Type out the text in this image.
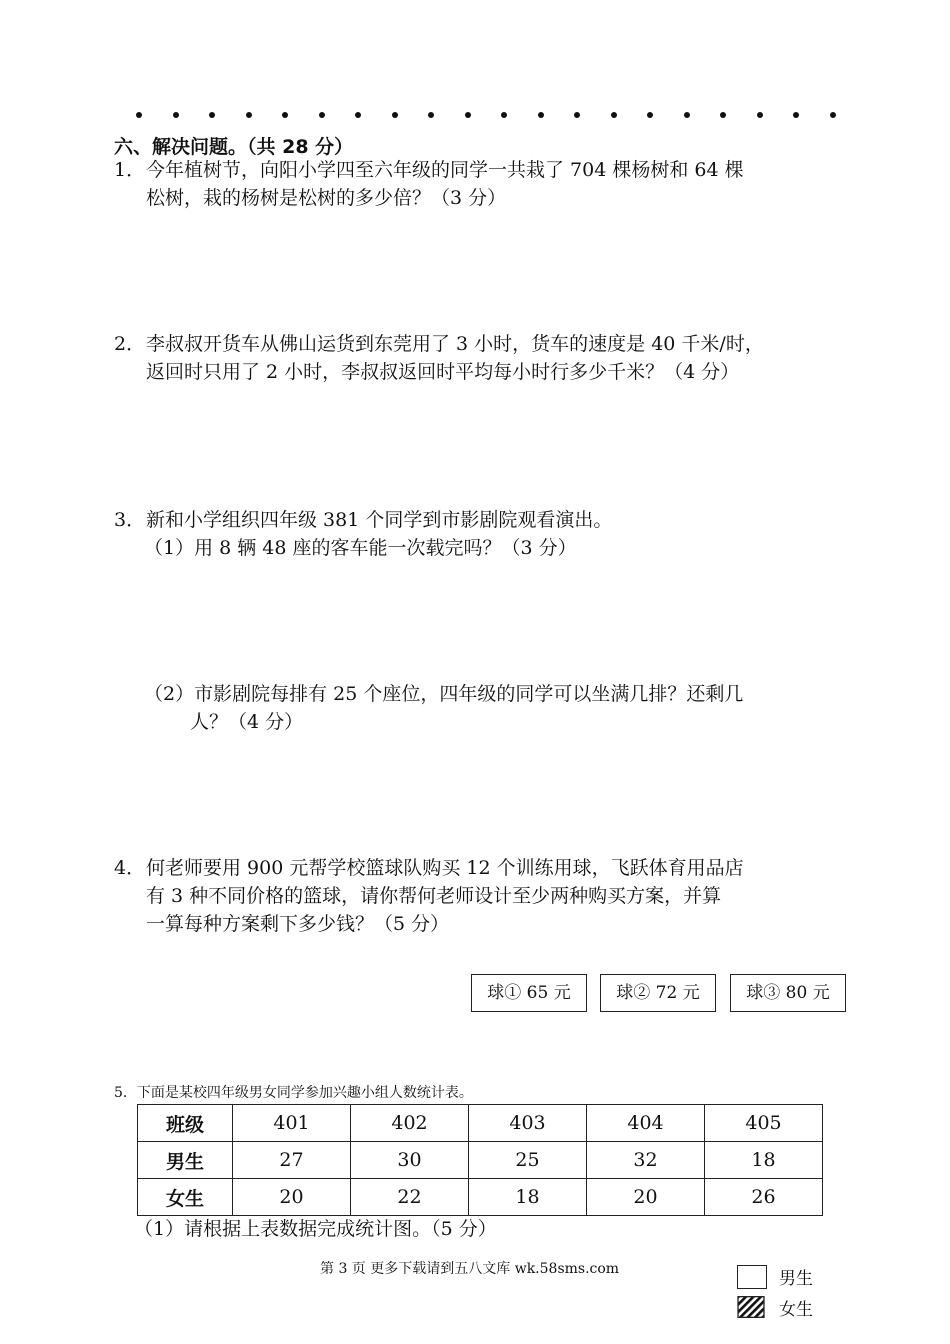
六、解决问题。（共 28 分）
1． 今年植树节，向阳小学四至六年级的同学一共栽了 704 棵杨树和 64 棵
松树，栽的杨树是松树的多少倍？（3 分）
2． 李叔叔开货车从佛山运货到东莞用了 3 小时，货车的速度是 40 千米/时，
返回时只用了 2 小时，李叔叔返回时平均每小时行多少千米？（4 分）
3． 新和小学组织四年级 381 个同学到市影剧院观看演出。
（1）用 8 辆 48 座的客车能一次载完吗？（3 分）
（2）市影剧院每排有 25 个座位，四年级的同学可以坐满几排？还剩几
人？（4 分）
4． 何老师要用 900 元帮学校篮球队购买 12 个训练用球，飞跃体育用品店
有 3 种不同价格的篮球，请你帮何老师设计至少两种购买方案，并算
一算每种方案剩下多少钱？（5 分）
球① 65 元	球② 72 元	球③ 80 元
5．下面是某校四年级男女同学参加兴趣小组人数统计表。
班级	401	402	403	404	405
男生	27	30	25	32	18
女生	20	22	18	20	26
（1）请根据上表数据完成统计图。（5 分）
第 3 页 更多下载请到五八文库 wk.58sms.com	男生
女生
